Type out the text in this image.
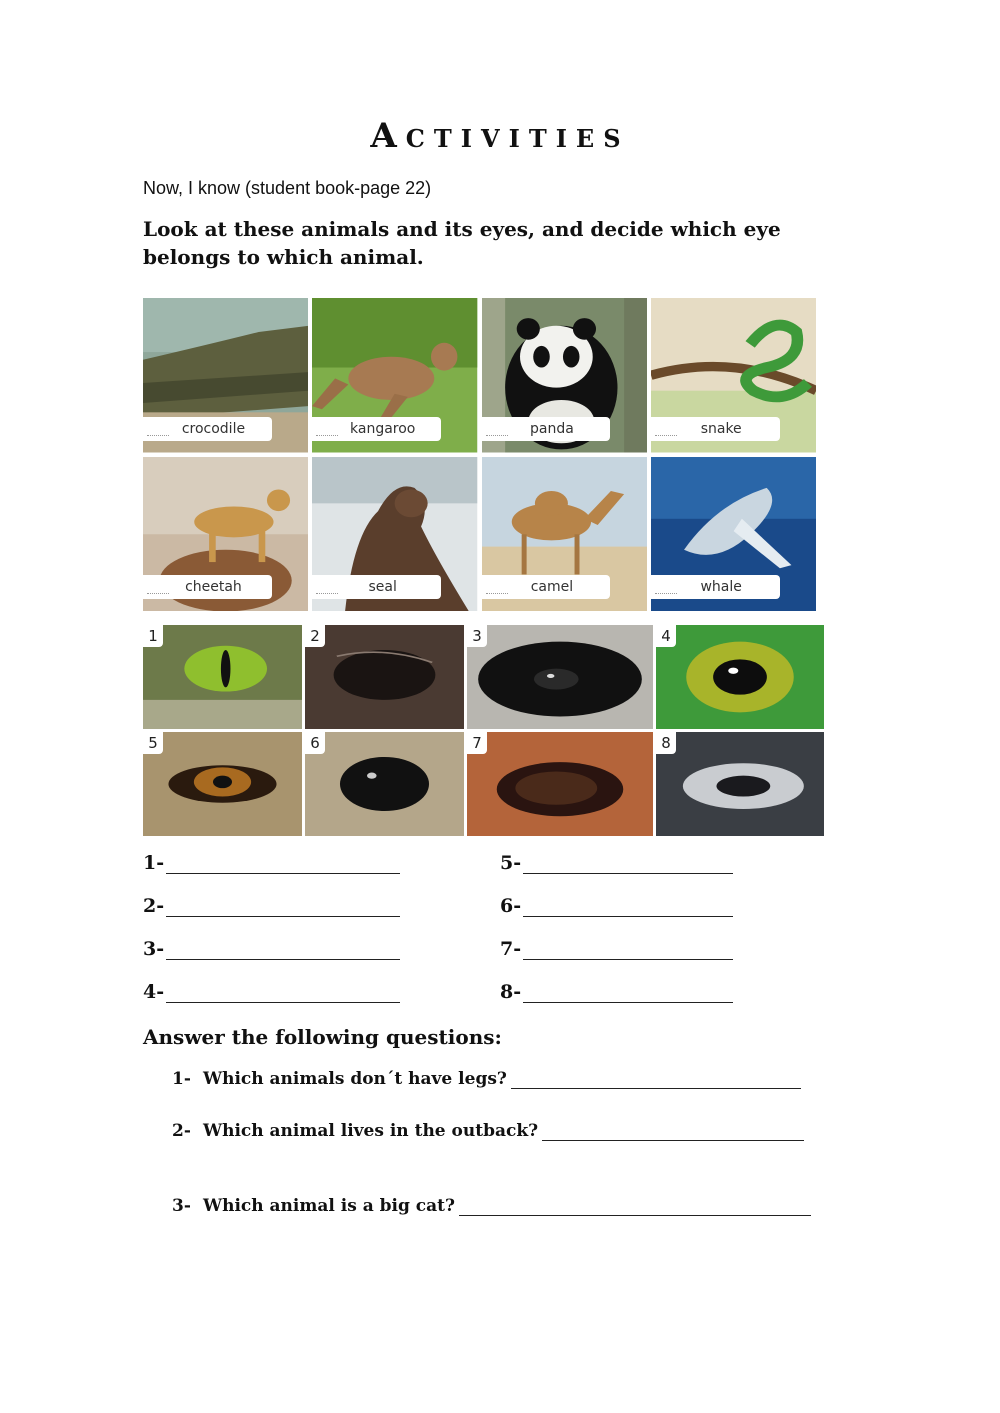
Activities
Now, I know (student book-page 22)
Look at these animals and its eyes, and decide which eye belongs to which animal.
crocodile	kangaroo	panda	snake
cheetah	seal	camel	whale
1	2	3	4
5	6	7	8
1-
2-
3-
4-
5-
6-
7-
8-
Answer the following questions:
1- Which animals don´t have legs?
2- Which animal lives in the outback?
3- Which animal is a big cat?
